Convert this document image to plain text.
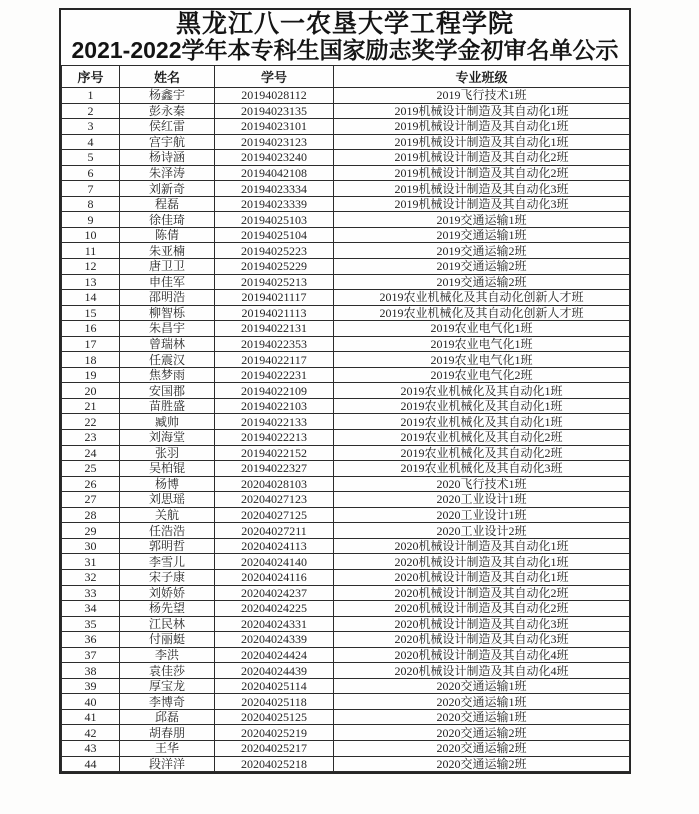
黑龙江八一农垦大学工程学院
2021-2022学年本专科生国家励志奖学金初审名单公示
序号	姓名	学号	专业班级
1	杨鑫宇	20194028112	2019飞行技术1班
2	彭永秦	20194023135	2019机械设计制造及其自动化1班
3	侯红雷	20194023101	2019机械设计制造及其自动化1班
4	宫宇航	20194023123	2019机械设计制造及其自动化1班
5	杨诗涵	20194023240	2019机械设计制造及其自动化2班
6	朱泽涛	20194042108	2019机械设计制造及其自动化2班
7	刘新奇	20194023334	2019机械设计制造及其自动化3班
8	程磊	20194023339	2019机械设计制造及其自动化3班
9	徐佳琦	20194025103	2019交通运输1班
10	陈倩	20194025104	2019交通运输1班
11	朱亚楠	20194025223	2019交通运输2班
12	唐卫卫	20194025229	2019交通运输2班
13	申佳军	20194025213	2019交通运输2班
14	邵明浩	20194021117	2019农业机械化及其自动化创新人才班
15	柳智栎	20194021113	2019农业机械化及其自动化创新人才班
16	朱昌宇	20194022131	2019农业电气化1班
17	曾瑞林	20194022353	2019农业电气化1班
18	任震汉	20194022117	2019农业电气化1班
19	焦梦雨	20194022231	2019农业电气化2班
20	安国郡	20194022109	2019农业机械化及其自动化1班
21	苗胜盛	20194022103	2019农业机械化及其自动化1班
22	臧帅	20194022133	2019农业机械化及其自动化1班
23	刘海堂	20194022213	2019农业机械化及其自动化2班
24	张羽	20194022152	2019农业机械化及其自动化2班
25	吴柏锟	20194022327	2019农业机械化及其自动化3班
26	杨博	20204028103	2020飞行技术1班
27	刘思瑶	20204027123	2020工业设计1班
28	关航	20204027125	2020工业设计1班
29	任浩浩	20204027211	2020工业设计2班
30	郭明哲	20204024113	2020机械设计制造及其自动化1班
31	李雪儿	20204024140	2020机械设计制造及其自动化1班
32	宋子康	20204024116	2020机械设计制造及其自动化1班
33	刘娇娇	20204024237	2020机械设计制造及其自动化2班
34	杨先望	20204024225	2020机械设计制造及其自动化2班
35	江民林	20204024331	2020机械设计制造及其自动化3班
36	付丽蜓	20204024339	2020机械设计制造及其自动化3班
37	李洪	20204024424	2020机械设计制造及其自动化4班
38	袁佳莎	20204024439	2020机械设计制造及其自动化4班
39	厚宝龙	20204025114	2020交通运输1班
40	李博奇	20204025118	2020交通运输1班
41	邱磊	20204025125	2020交通运输1班
42	胡春朋	20204025219	2020交通运输2班
43	王华	20204025217	2020交通运输2班
44	段洋洋	20204025218	2020交通运输2班
